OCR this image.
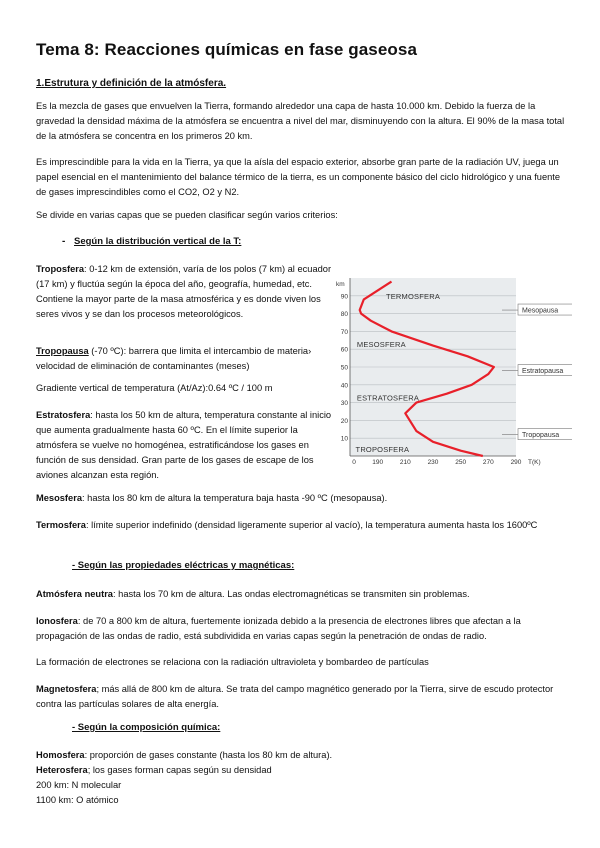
Tema 8: Reacciones químicas en fase gaseosa
1.Estrutura y definición de la atmósfera.
Es la mezcla de gases que envuelven la Tierra, formando alrededor una capa de hasta 10.000 km. Debido la fuerza de la gravedad la densidad máxima de la atmósfera se encuentra a nivel del mar, disminuyendo con la altura. El 90% de la masa total de la atmósfera se concentra en los primeros 20 km.
Es imprescindible para la vida en la Tierra, ya que la aísla del espacio exterior, absorbe gran parte de la radiación UV, juega un papel esencial en el mantenimiento del balance térmico de la tierra, es un componente básico del ciclo hidrológico y una fuente de gases imprescindibles como el CO2, O2 y N2.
Se divide en varias capas que se pueden clasificar según varios criterios:
- Según la distribución vertical de la T:
Troposfera: 0-12 km de extensión, varía de los polos (7 km) al ecuador (17 km) y fluctúa según la época del año, geografía, humedad, etc. Contiene la mayor parte de la masa atmosférica y es donde viven los seres vivos y se dan los procesos meteorológicos.
Tropopausa (-70 ºC): barrera que limita el intercambio de materia› velocidad de eliminación de contaminantes (meses)
Gradiente vertical de temperatura (At/Az):0.64 ºC / 100 m
Estratosfera: hasta los 50 km de altura, temperatura constante al inicio que aumenta gradualmente hasta 60 ºC. En el límite superior la atmósfera se vuelve no homogénea, estratificándose los gases en función de sus densidad. Gran parte de los gases de escape de los aviones alcanzan esta región.
km
10
20
30
40
50
60
70
80
90
0	190	210	230	250	270	290 T(K)
TERMOSFERA
MESOSFERA
ESTRATOSFERA
TROPOSFERA
Mesopausa
Estratopausa
Tropopausa
Mesosfera: hasta los 80 km de altura la temperatura baja hasta -90 ºC (mesopausa).
Termosfera: límite superior indefinido (densidad ligeramente superior al vacío), la temperatura aumenta hasta los 1600ºC
- Según las propiedades eléctricas y magnéticas:
Atmósfera neutra: hasta los 70 km de altura. Las ondas electromagnéticas se transmiten sin problemas.
Ionosfera: de 70 a 800 km de altura, fuertemente ionizada debido a la presencia de electrones libres que afectan a la propagación de las ondas de radio, está subdividida en varias capas según la penetración de ondas de radio.
La formación de electrones se relaciona con la radiación ultravioleta y bombardeo de partículas
Magnetosfera; más allá de 800 km de altura. Se trata del campo magnético generado por la Tierra, sirve de escudo protector contra las partículas solares de alta energía.
- Según la composición química:
Homosfera: proporción de gases constante (hasta los 80 km de altura).
Heterosfera; los gases forman capas según su densidad
200 km: N molecular
1100 km: O atómico
